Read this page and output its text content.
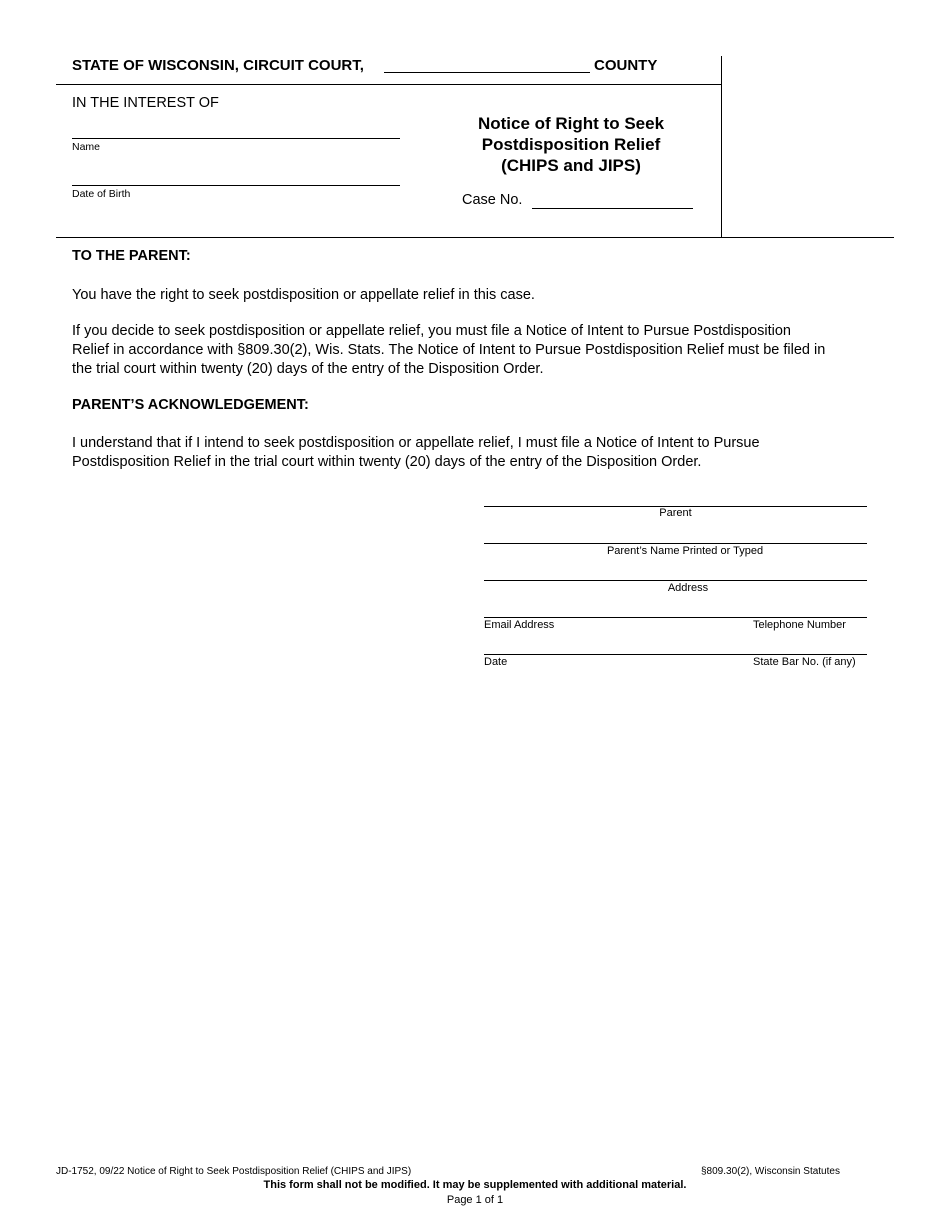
STATE OF WISCONSIN, CIRCUIT COURT,	COUNTY
IN THE INTEREST OF
Name
Date of Birth
Notice of Right to Seek
Postdisposition Relief
(CHIPS and JIPS)
Case No.
TO THE PARENT:
You have the right to seek postdisposition or appellate relief in this case.
If you decide to seek postdisposition or appellate relief, you must file a Notice of Intent to Pursue Postdisposition
Relief in accordance with §809.30(2), Wis. Stats. The Notice of Intent to Pursue Postdisposition Relief must be filed in
the trial court within twenty (20) days of the entry of the Disposition Order.
PARENT’S ACKNOWLEDGEMENT:
I understand that if I intend to seek postdisposition or appellate relief, I must file a Notice of Intent to Pursue
Postdisposition Relief in the trial court within twenty (20) days of the entry of the Disposition Order.
Parent
Parent’s Name Printed or Typed
Address
Email Address	Telephone Number
Date	State Bar No. (if any)
JD-1752, 09/22 Notice of Right to Seek Postdisposition Relief (CHIPS and JIPS)	§809.30(2), Wisconsin Statutes
This form shall not be modified. It may be supplemented with additional material.
Page 1 of 1
